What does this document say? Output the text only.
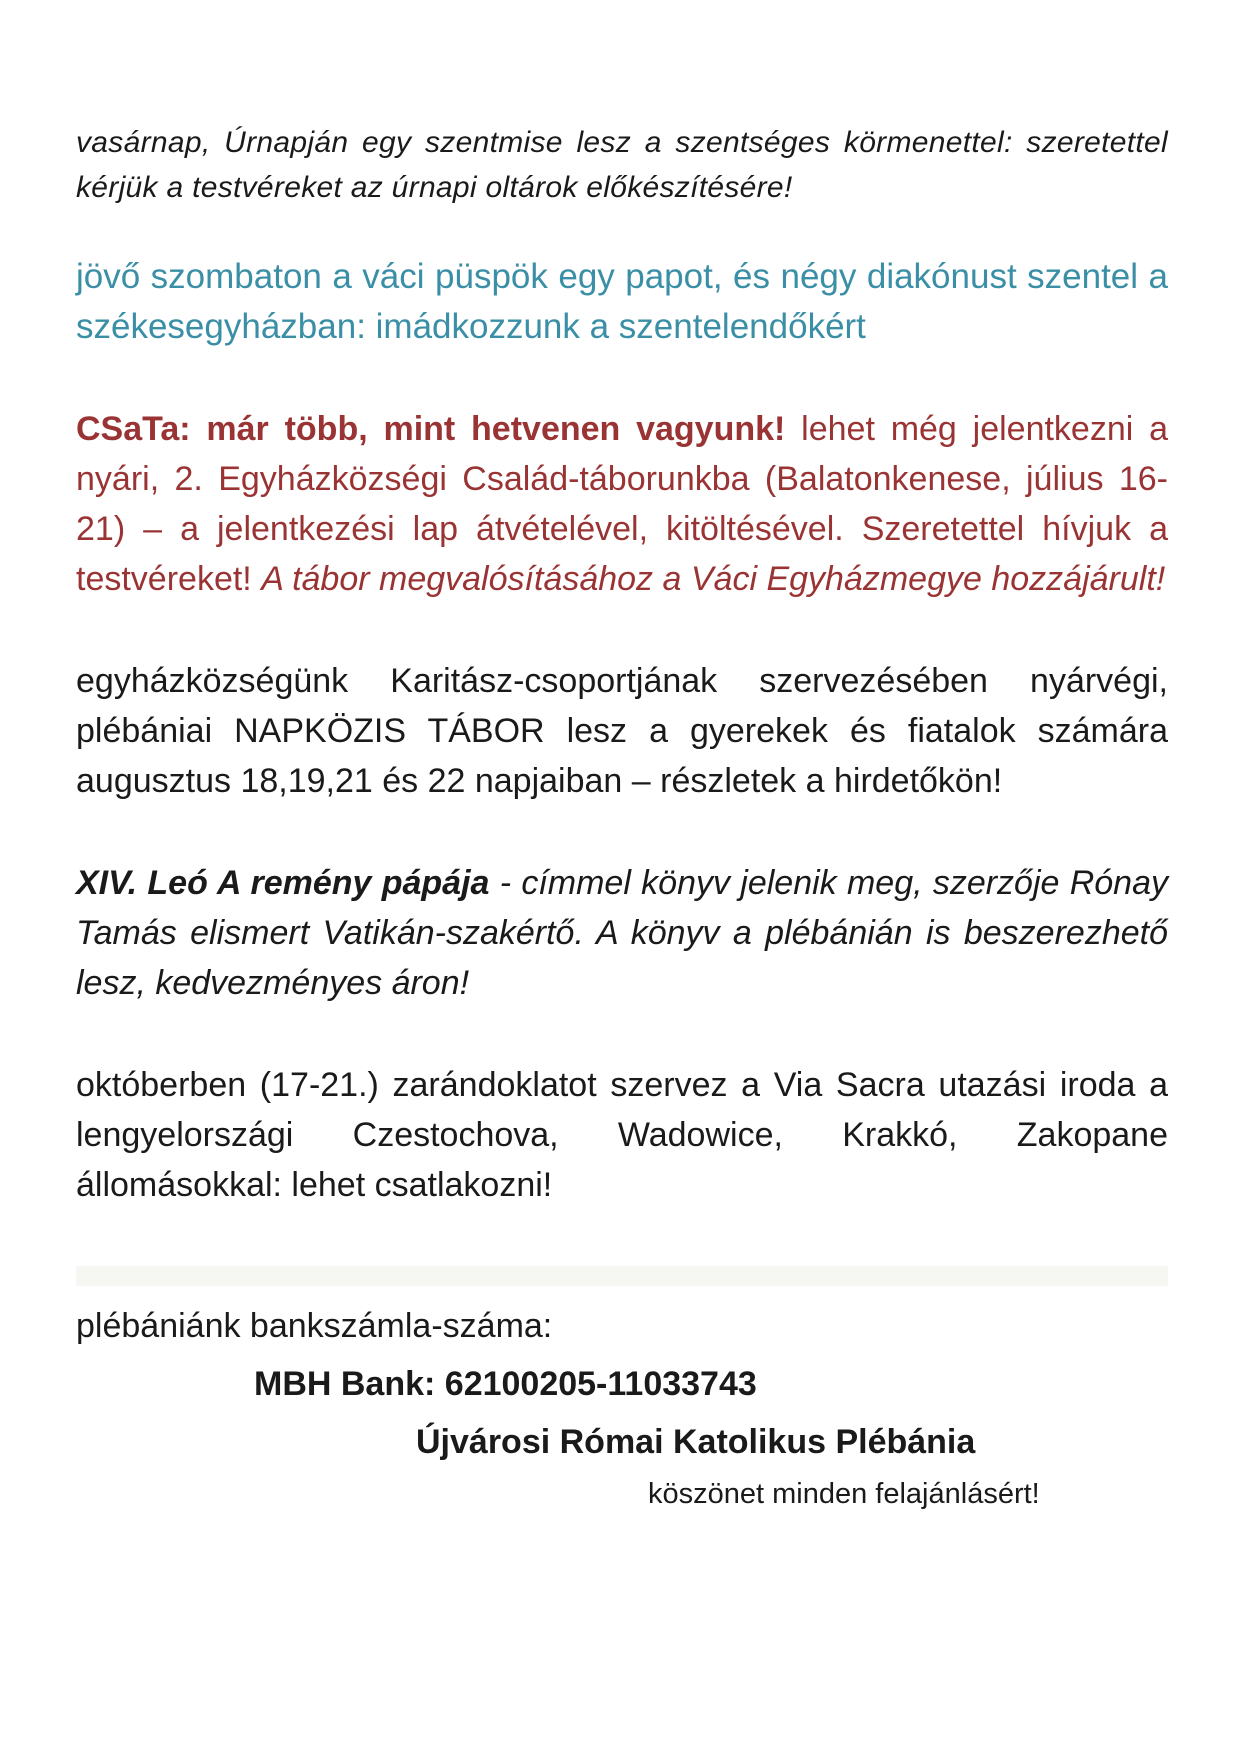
vasárnap, Úrnapján egy szentmise lesz a szentséges körmenettel: szeretettel kérjük a testvéreket az úrnapi oltárok előkészítésére!

jövő szombaton a váci püspök egy papot, és négy diakónust szentel a székesegyházban: imádkozzunk a szentelendőkért

CSaTa: már több, mint hetvenen vagyunk! lehet még jelentkezni a nyári, 2. Egyházközségi Család-táborunkba (Balatonkenese, július 16-21) – a jelentkezési lap átvételével, kitöltésével. Szeretettel hívjuk a testvéreket! A tábor megvalósításához a Váci Egyházmegye hozzájárult!

egyházközségünk Karitász-csoportjának szervezésében nyárvégi, plébániai NAPKÖZIS TÁBOR lesz a gyerekek és fiatalok számára augusztus 18,19,21 és 22 napjaiban – részletek a hirdetőkön!

XIV. Leó A remény pápája - címmel könyv jelenik meg, szerzője Rónay Tamás elismert Vatikán-szakértő. A könyv a plébánián is beszerezhető lesz, kedvezményes áron!

októberben (17-21.) zarándoklatot szervez a Via Sacra utazási iroda a lengyelországi Czestochova, Wadowice, Krakkó, Zakopane állomásokkal: lehet csatlakozni!

plébániánk bankszámla-száma:
MBH Bank: 62100205-11033743
Újvárosi Római Katolikus Plébánia
köszönet minden felajánlásért!
